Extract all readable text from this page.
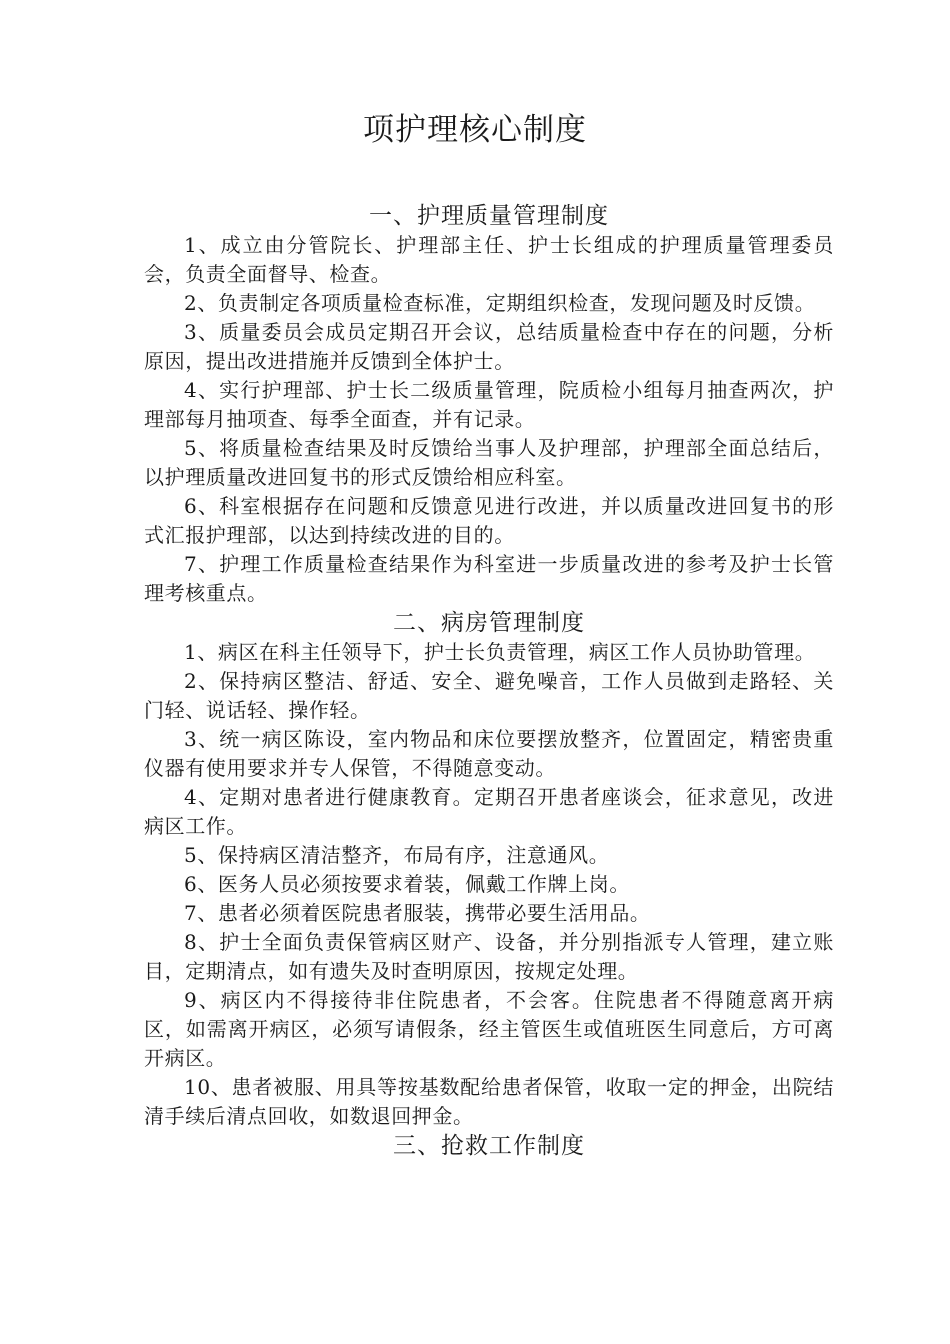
项护理核心制度
一、护理质量管理制度

1、成立由分管院长、护理部主任、护士长组成的护理质量管理委员会，负责全面督导、检查。

2、负责制定各项质量检查标准，定期组织检查，发现问题及时反馈。

3、质量委员会成员定期召开会议，总结质量检查中存在的问题，分析原因，提出改进措施并反馈到全体护士。

4、实行护理部、护士长二级质量管理，院质检小组每月抽查两次，护理部每月抽项查、每季全面查，并有记录。

5、将质量检查结果及时反馈给当事人及护理部，护理部全面总结后，以护理质量改进回复书的形式反馈给相应科室。

6、科室根据存在问题和反馈意见进行改进，并以质量改进回复书的形式汇报护理部，以达到持续改进的目的。

7、护理工作质量检查结果作为科室进一步质量改进的参考及护士长管理考核重点。

二、病房管理制度

1、病区在科主任领导下，护士长负责管理，病区工作人员协助管理。

2、保持病区整洁、舒适、安全、避免噪音，工作人员做到走路轻、关门轻、说话轻、操作轻。

3、统一病区陈设，室内物品和床位要摆放整齐，位置固定，精密贵重仪器有使用要求并专人保管，不得随意变动。

4、定期对患者进行健康教育。定期召开患者座谈会，征求意见，改进病区工作。

5、保持病区清洁整齐，布局有序，注意通风。

6、医务人员必须按要求着装，佩戴工作牌上岗。

7、患者必须着医院患者服装，携带必要生活用品。

8、护士全面负责保管病区财产、设备，并分别指派专人管理，建立账目，定期清点，如有遗失及时查明原因，按规定处理。

9、病区内不得接待非住院患者，不会客。住院患者不得随意离开病区，如需离开病区，必须写请假条，经主管医生或值班医生同意后，方可离开病区。

10、患者被服、用具等按基数配给患者保管，收取一定的押金，出院结清手续后清点回收，如数退回押金。

三、抢救工作制度
